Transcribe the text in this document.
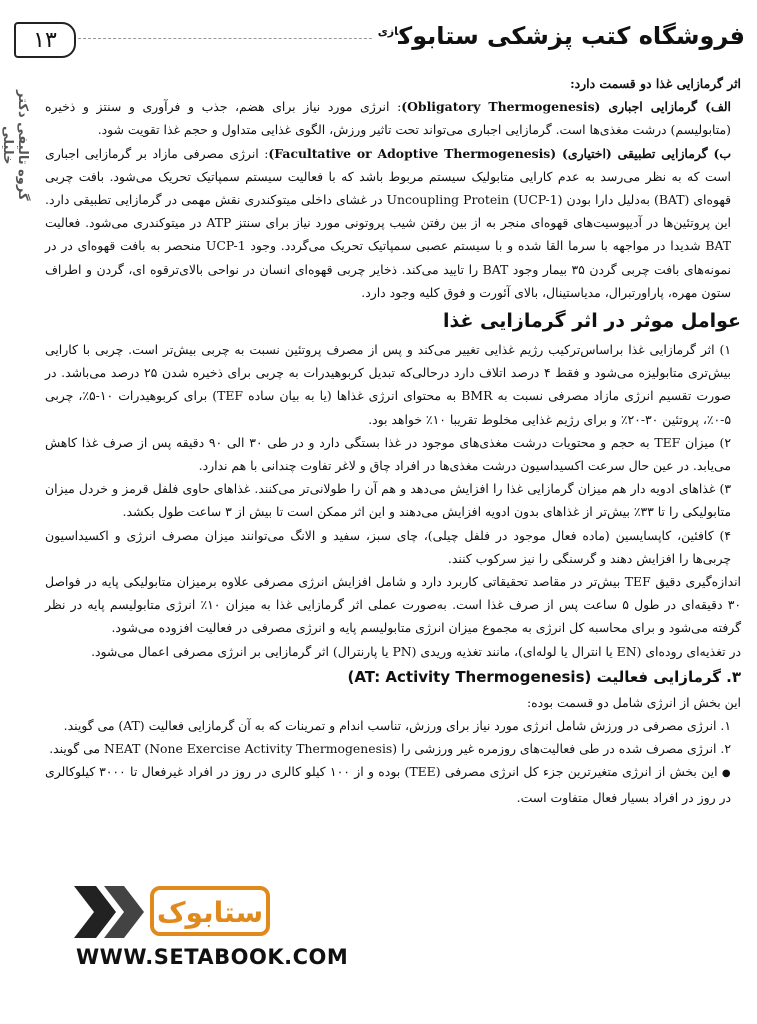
۱۳	فروشگاه کتب پزشکی ستابوک$^{ازی}$
گروه تالیفی دکتر خلیلی

اثر گرمازایی غذا دو قسمت دارد:

الف) گرمازایی اجباری (Obligatory Thermogenesis): انرژی مورد نیاز برای هضم، جذب و فرآوری و سنتز و ذخیره (متابولیسم) درشت مغذی‌ها است. گرمازایی اجباری می‌تواند تحت تاثیر ورزش، الگوی غذایی متداول و حجم غذا تقویت شود.

ب) گرمازایی تطبیقی (اختیاری) (Facultative or Adoptive Thermogenesis): انرژی مصرفی مازاد بر گرمازایی اجباری است که به نظر می‌رسد به عدم کارایی متابولیک سیستم مربوط باشد که با فعالیت سیستم سمپاتیک تحریک می‌شود. بافت چربی قهوه‌ای (BAT) به‌دلیل دارا بودن Uncoupling Protein (UCP-1) در غشای داخلی میتوکندری نقش مهمی در گرمازایی تطبیقی دارد. این پروتئین‌ها در آدیپوسیت‌های قهوه‌ای منجر به از بین رفتن شیب پروتونی مورد نیاز برای سنتز ATP در میتوکندری می‌شود. فعالیت BAT شدیدا در مواجهه با سرما القا شده و با سیستم عصبی سمپاتیک تحریک می‌گردد. وجود UCP-1 منحصر به بافت قهوه‌ای در در نمونه‌های بافت چربی گردن ۳۵ بیمار وجود BAT را تایید می‌کند. ذخایر چربی قهوه‌ای انسان در نواحی بالای‌ترقوه ای، گردن و اطراف ستون مهره، پاراورتبرال، مدیاستینال، بالای آئورت و فوق کلیه وجود دارد.

عوامل موثر در اثر گرمازایی غذا

۱) اثر گرمازایی غذا براساس‌ترکیب رژیم غذایی تغییر می‌کند و پس از مصرف پروتئین نسبت به چربی بیش‌تر است. چربی با کارایی بیش‌تری متابولیزه می‌شود و فقط ۴ درصد اتلاف دارد درحالی‌که تبدیل کربوهیدرات به چربی برای ذخیره شدن ۲۵ درصد می‌باشد. در صورت تقسیم انرژی مازاد مصرفی نسبت به BMR به محتوای انرژی غذاها (یا به بیان ساده TEF) برای کربوهیدرات ۱۰-۵٪، چربی ۵-۰٪، پروتئین ۳۰-۲۰٪ و برای رژیم غذایی مخلوط تقریبا ۱۰٪ خواهد بود.

۲) میزان TEF به حجم و محتویات درشت مغذی‌های موجود در غذا بستگی دارد و در طی ۳۰ الی ۹۰ دقیقه پس از صرف غذا کاهش می‌یابد. در عین حال سرعت اکسیداسیون درشت مغذی‌ها در افراد چاق و لاغر تفاوت چندانی با هم ندارد.

۳) غذاهای ادویه دار هم میزان گرمازایی غذا را افزایش می‌دهد و هم آن را طولانی‌تر می‌کنند. غذاهای حاوی فلفل قرمز و خردل میزان متابولیکی را تا ۳۳٪ بیش‌تر از غذاهای بدون ادویه افزایش می‌دهند و این اثر ممکن است تا بیش از ۳ ساعت طول بکشد.

۴) کافئین، کاپسایسین (ماده فعال موجود در فلفل چیلی)، چای سبز، سفید و الانگ می‌توانند میزان مصرف انرژی و اکسیداسیون چربی‌ها را افزایش دهند و گرسنگی را نیز سرکوب کنند.

اندازه‌گیری دقیق TEF بیش‌تر در مقاصد تحقیقاتی کاربرد دارد و شامل افزایش انرژی مصرفی علاوه برمیزان متابولیکی پایه در فواصل ۳۰ دقیقه‌ای در طول ۵ ساعت پس از صرف غذا است. به‌صورت عملی اثر گرمازایی غذا به میزان ۱۰٪ انرژی متابولیسم پایه در نظر گرفته می‌شود و برای محاسبه کل انرژی به مجموع میزان انرژی متابولیسم پایه و انرژی مصرفی در فعالیت افزوده می‌شود.

در تغذیه‌ای روده‌ای (EN یا انترال یا لوله‌ای)، مانند تغذیه وریدی (PN یا پارنترال) اثر گرمازایی بر انرژی مصرفی اعمال می‌شود.

۳. گرمازایی فعالیت (AT: Activity Thermogenesis)

این بخش از انرژی شامل دو قسمت بوده:

۱. انرژی مصرفی در ورزش شامل انرژی مورد نیاز برای ورزش، تناسب اندام و تمرینات که به آن گرمازایی فعالیت (AT) می گویند.

۲. انرژی مصرف شده در طی فعالیت‌های روزمره غیر ورزشی را NEAT (None Exercise Activity Thermogenesis) می گویند.

● این بخش از انرژی متغیرترین جزء کل انرژی مصرفی (TEE) بوده و از ۱۰۰ کیلو کالری در روز در افراد غیرفعال تا ۳۰۰۰ کیلوکالری در روز در افراد بسیار فعال متفاوت است.

ستابوک
WWW.SETABOOK.COM
